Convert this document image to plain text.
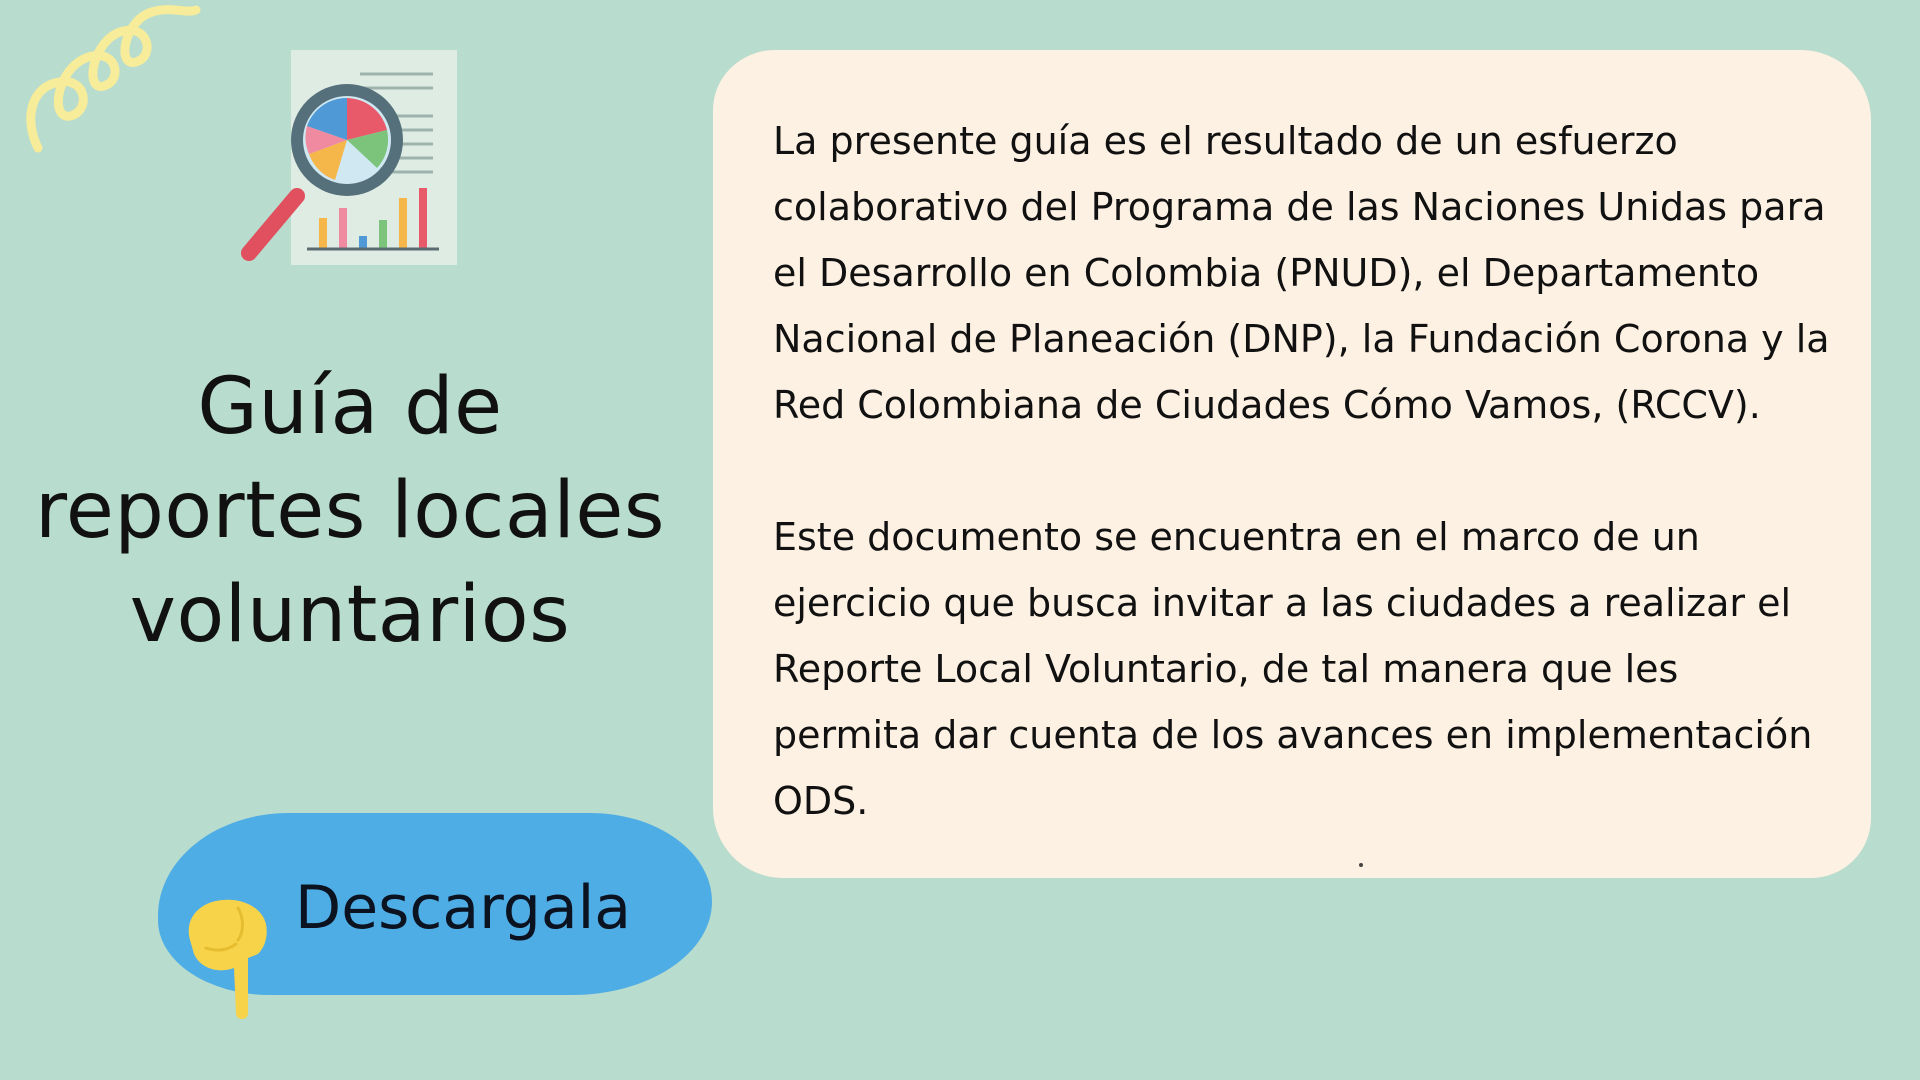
Guía de
reportes locales
voluntarios
Descargala

La presente guía es el resultado de un esfuerzo
colaborativo del Programa de las Naciones Unidas para
el Desarrollo en Colombia (PNUD), el Departamento
Nacional de Planeación (DNP), la Fundación Corona y la
Red Colombiana de Ciudades Cómo Vamos, (RCCV).
Este documento se encuentra en el marco de un
ejercicio que busca invitar a las ciudades a realizar el
Reporte Local Voluntario, de tal manera que les
permita dar cuenta de los avances en implementación
ODS.
